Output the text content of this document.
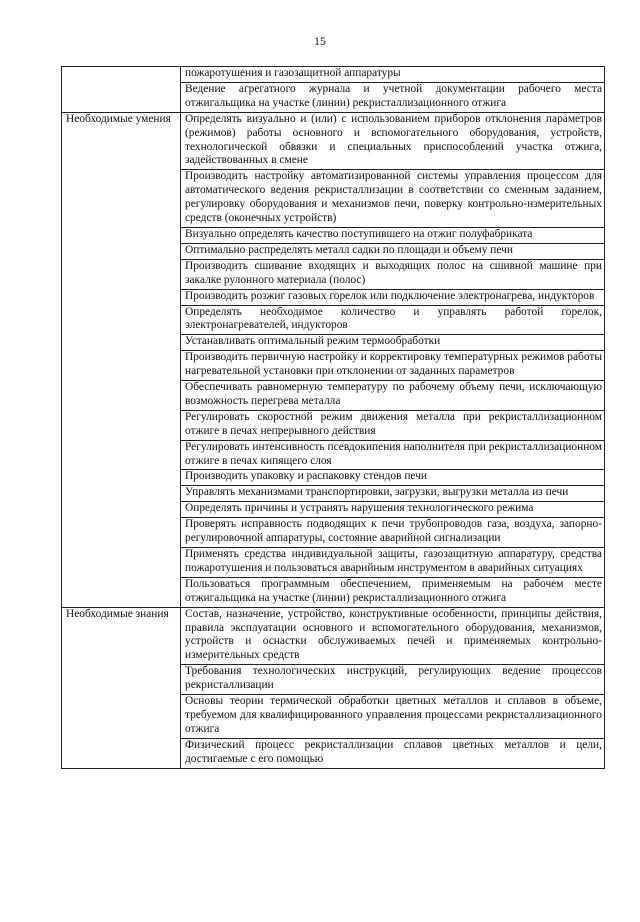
15
	пожаротушения и газозащитной аппаратуры
	Ведение агрегатного журнала и учетной документации рабочего места отжигальщика на участке (линии) рекристаллизационного отжига
Необходимые умения	Определять визуально и (или) с использованием приборов отклонения параметров (режимов) работы основного и вспомогательного оборудования, устройств, технологической обвязки и специальных приспособлений участка отжига, задействованных в смене
	Производить настройку автоматизированной системы управления процессом для автоматического ведения рекристаллизации в соответствии со сменным заданием, регулировку оборудования и механизмов печи, поверку контрольно-измерительных средств (оконечных устройств)
	Визуально определять качество поступившего на отжиг полуфабриката
	Оптимально распределять металл садки по площади и объему печи
	Производить сшивание входящих и выходящих полос на сшивной машине при закалке рулонного материала (полос)
	Производить розжиг газовых горелок или подключение электронагрева, индукторов
	Определять необходимое количество и управлять работой горелок, электронагревателей, индукторов
	Устанавливать оптимальный режим термообработки
	Производить первичную настройку и корректировку температурных режимов работы нагревательной установки при отклонении от заданных параметров
	Обеспечивать равномерную температуру по рабочему объему печи, исключающую возможность перегрева металла
	Регулировать скоростной режим движения металла при рекристаллизационном отжиге в печах непрерывного действия
	Регулировать интенсивность псевдокипения наполнителя при рекристаллизационном отжиге в печах кипящего слоя
	Производить упаковку и распаковку стендов печи
	Управлять механизмами транспортировки, загрузки, выгрузки металла из печи
	Определять причины и устранять нарушения технологического режима
	Проверять исправность подводящих к печи трубопроводов газа, воздуха, запорно-регулировочной аппаратуры, состояние аварийной сигнализации
	Применять средства индивидуальной защиты, газозащитную аппаратуру, средства пожаротушения и пользоваться аварийным инструментом в аварийных ситуациях
	Пользоваться программным обеспечением, применяемым на рабочем месте отжигальщика на участке (линии) рекристаллизационного отжига
Необходимые знания	Состав, назначение, устройство, конструктивные особенности, принципы действия, правила эксплуатации основного и вспомогательного оборудования, механизмов, устройств и оснастки обслуживаемых печей и применяемых контрольно-измерительных средств
	Требования технологических инструкций, регулирующих ведение процессов рекристаллизации
	Основы теории термической обработки цветных металлов и сплавов в объеме, требуемом для квалифицированного управления процессами рекристаллизационного отжига
	Физический процесс рекристаллизации сплавов цветных металлов и цели, достигаемые с его помощью
